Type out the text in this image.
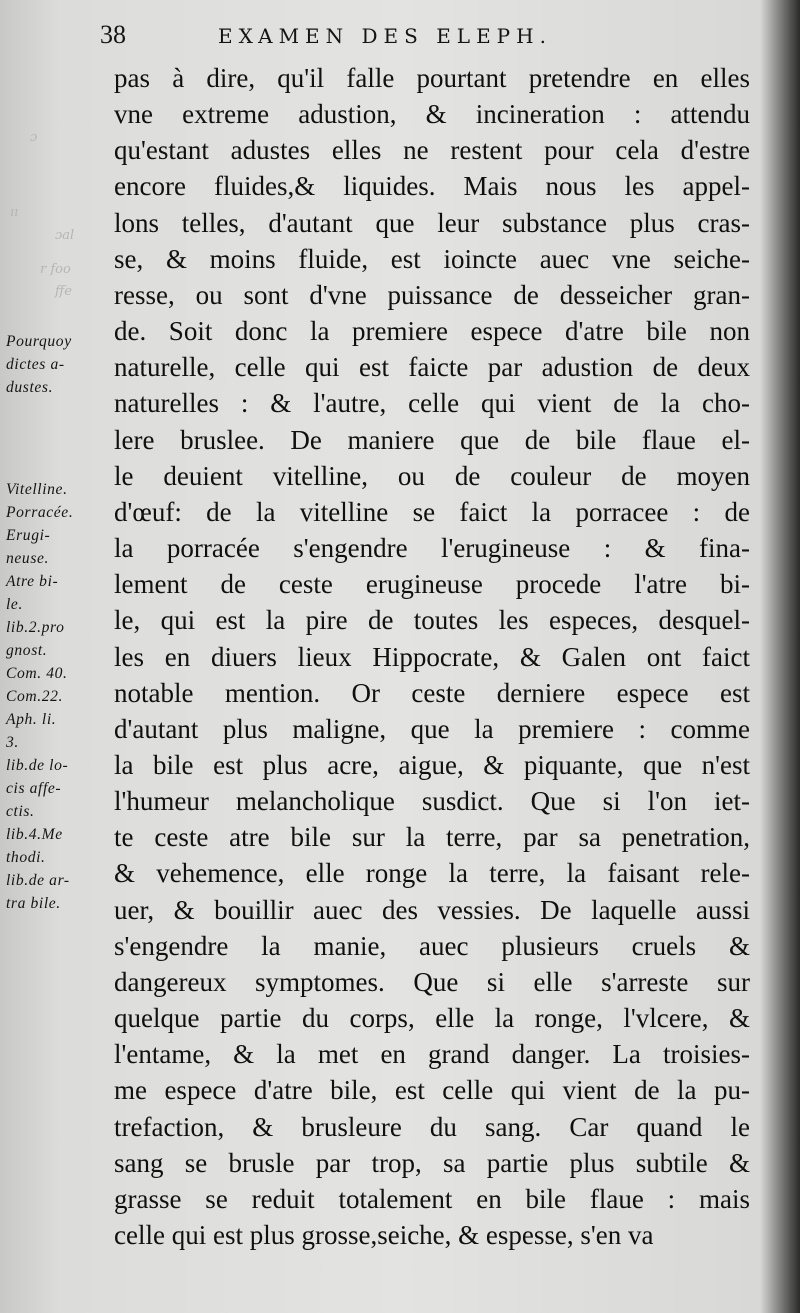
ɔ
ıı
ɔal
r foo
ffe
38	EXAMEN DES ELEPH.
Pourquoy
dictes a-
dustes.

Vitelline.
Porracée.
Erugi-
neuse.
Atre bi-
le.
lib.2.pro
gnost.
Com. 40.
Com.22.
Aph. li.
3.
lib.de lo-
cis affe-
ctis.
lib.4.Me
thodi.
lib.de ar-
tra bile.
pas à dire, qu'il falle pourtant pretendre en elles
vne extreme adustion, & incineration : attendu
qu'estant adustes elles ne restent pour cela d'estre
encore fluides,& liquides. Mais nous les appel-
lons telles, d'autant que leur substance plus cras-
se, & moins fluide, est ioincte auec vne seiche-
resse, ou sont d'vne puissance de desseicher gran-
de. Soit donc la premiere espece d'atre bile non
naturelle, celle qui est faicte par adustion de deux
naturelles : & l'autre, celle qui vient de la cho-
lere bruslee. De maniere que de bile flaue el-
le deuient vitelline, ou de couleur de moyen
d'œuf: de la vitelline se faict la porracee : de
la porracée s'engendre l'erugineuse : & fina-
lement de ceste erugineuse procede l'atre bi-
le, qui est la pire de toutes les especes, desquel-
les en diuers lieux Hippocrate, & Galen ont faict
notable mention. Or ceste derniere espece est
d'autant plus maligne, que la premiere : comme
la bile est plus acre, aigue, & piquante, que n'est
l'humeur melancholique susdict. Que si l'on iet-
te ceste atre bile sur la terre, par sa penetration,
& vehemence, elle ronge la terre, la faisant rele-
uer, & bouillir auec des vessies. De laquelle aussi
s'engendre la manie, auec plusieurs cruels &
dangereux symptomes. Que si elle s'arreste sur
quelque partie du corps, elle la ronge, l'vlcere, &
l'entame, & la met en grand danger. La troisies-
me espece d'atre bile, est celle qui vient de la pu-
trefaction, & brusleure du sang. Car quand le
sang se brusle par trop, sa partie plus subtile &
grasse se reduit totalement en bile flaue : mais
celle qui est plus grosse,seiche, & espesse, s'en va
